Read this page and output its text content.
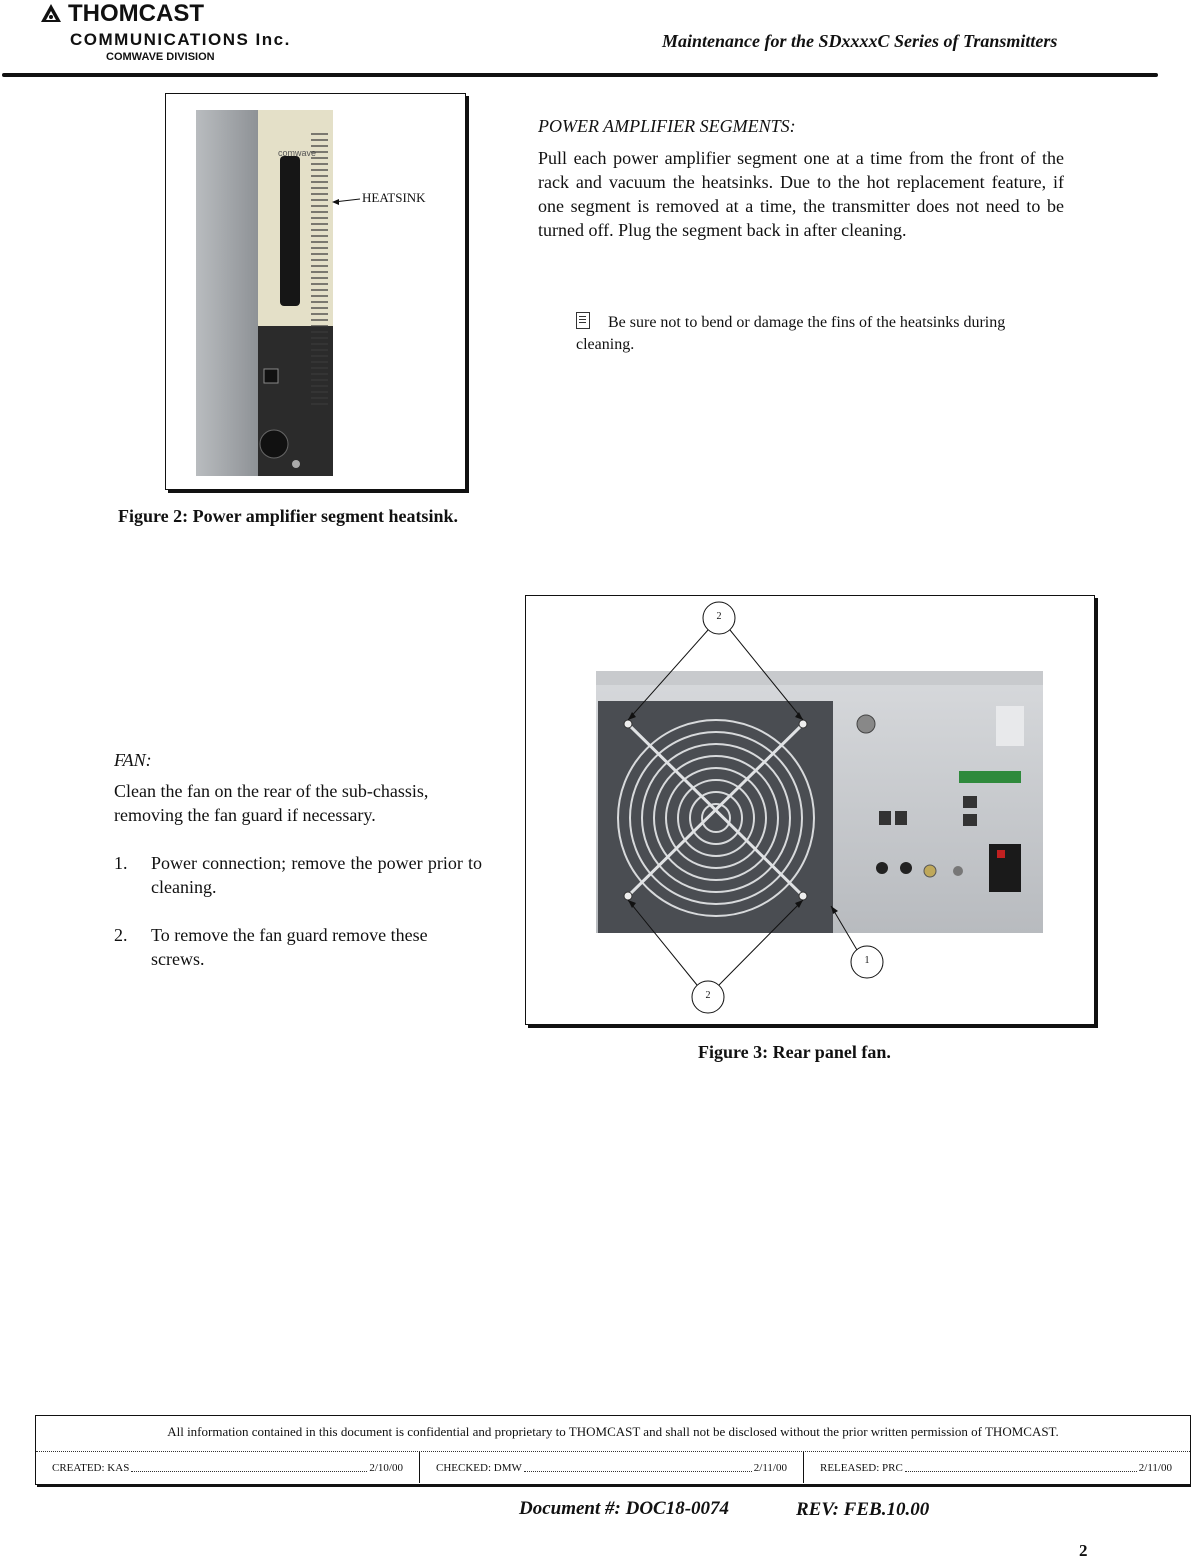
THOMCAST
COMMUNICATIONS Inc.
COMWAVE DIVISION
Maintenance for the SDxxxxC Series of Transmitters
comwave
HEATSINK
Figure 2: Power amplifier segment heatsink.
POWER AMPLIFIER SEGMENTS:
Pull each power amplifier segment one at a time from the front of the rack and vacuum the heatsinks. Due to the hot replacement feature, if one segment is removed at a time, the transmitter does not need to be turned off. Plug the segment back in after cleaning.
Be sure not to bend or damage the fins of the heatsinks during cleaning.
FAN:
Clean the fan on the rear of the sub-chassis, removing the fan guard if necessary.
1. Power connection; remove the power prior to cleaning.
2. To remove the fan guard remove these screws.
2
2
1
Figure 3: Rear panel fan.
All information contained in this document is confidential and proprietary to THOMCAST and shall not be disclosed without the prior written permission of THOMCAST.
CREATED: KAS	2/10/00	CHECKED: DMW	2/11/00	RELEASED: PRC	2/11/00
Document #: DOC18-0074	REV: FEB.10.00
2
